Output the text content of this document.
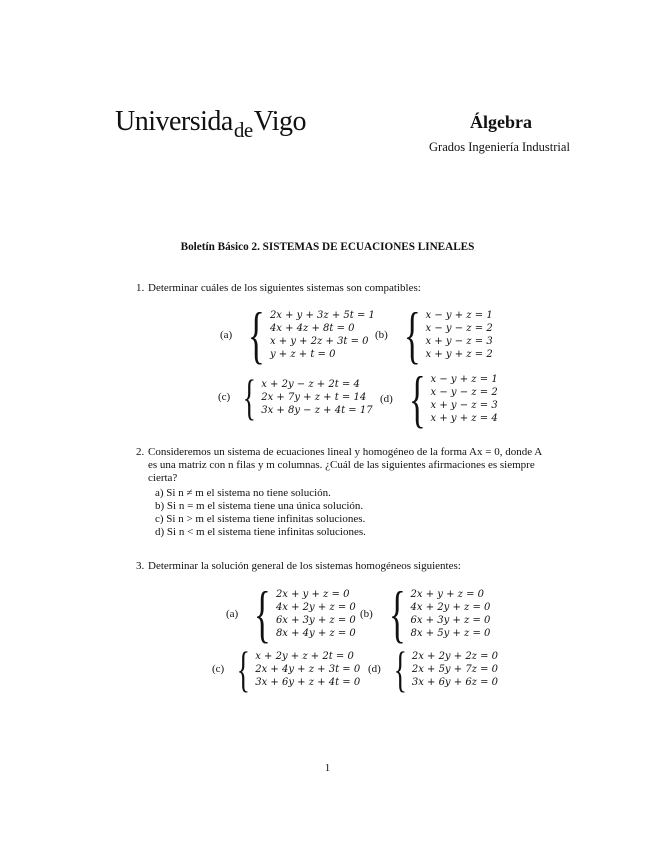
Universida$_{de}$Vigo	Álgebra
Grados Ingeniería Industrial
Boletín Básico 2. SISTEMAS DE ECUACIONES LINEALES
1. Determinar cuáles de los siguientes sistemas son compatibles:
(a) { 2x + y + 3z + 5t = 1
4x + 4z + 8t = 0
x + y + 2z + 3t = 0
y + z + t = 0
(b) { x − y + z = 1
x − y − z = 2
x + y − z = 3
x + y + z = 2
(c) { x + 2y − z + 2t = 4
2x + 7y + z + t = 14
3x + 8y − z + 4t = 17
(d) { x − y + z = 1
x − y − z = 2
x + y − z = 3
x + y + z = 4
2. Consideremos un sistema de ecuaciones lineal y homogéneo de la forma Ax = 0, donde A es una matriz con n filas y m columnas. ¿Cuál de las siguientes afirmaciones es siempre cierta?
a) Si n ≠ m el sistema no tiene solución.
b) Si n = m el sistema tiene una única solución.
c) Si n > m el sistema tiene infinitas soluciones.
d) Si n < m el sistema tiene infinitas soluciones.
3. Determinar la solución general de los sistemas homogéneos siguientes:
(a) { 2x + y + z = 0
4x + 2y + z = 0
6x + 3y + z = 0
8x + 4y + z = 0
(b) { 2x + y + z = 0
4x + 2y + z = 0
6x + 3y + z = 0
8x + 5y + z = 0
(c) { x + 2y + z + 2t = 0
2x + 4y + z + 3t = 0
3x + 6y + z + 4t = 0
(d) { 2x + 2y + 2z = 0
2x + 5y + 7z = 0
3x + 6y + 6z = 0
1
